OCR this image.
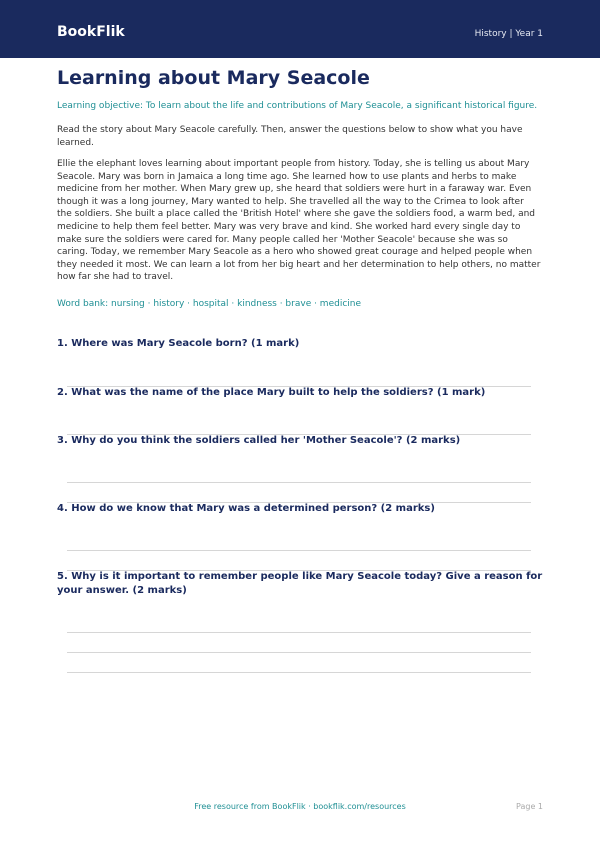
BookFlik	History | Year 1
Learning about Mary Seacole
Learning objective: To learn about the life and contributions of Mary Seacole, a significant historical figure.
Read the story about Mary Seacole carefully. Then, answer the questions below to show what you have learned.
Ellie the elephant loves learning about important people from history. Today, she is telling us about Mary Seacole. Mary was born in Jamaica a long time ago. She learned how to use plants and herbs to make medicine from her mother. When Mary grew up, she heard that soldiers were hurt in a faraway war. Even though it was a long journey, Mary wanted to help. She travelled all the way to the Crimea to look after the soldiers. She built a place called the 'British Hotel' where she gave the soldiers food, a warm bed, and medicine to help them feel better. Mary was very brave and kind. She worked hard every single day to make sure the soldiers were cared for. Many people called her 'Mother Seacole' because she was so caring. Today, we remember Mary Seacole as a hero who showed great courage and helped people when they needed it most. We can learn a lot from her big heart and her determination to help others, no matter how far she had to travel.
Word bank: nursing · history · hospital · kindness · brave · medicine
1. Where was Mary Seacole born? (1 mark)
2. What was the name of the place Mary built to help the soldiers? (1 mark)
3. Why do you think the soldiers called her 'Mother Seacole'? (2 marks)
4. How do we know that Mary was a determined person? (2 marks)
5. Why is it important to remember people like Mary Seacole today? Give a reason for your answer. (2 marks)
Free resource from BookFlik · bookflik.com/resources	Page 1
